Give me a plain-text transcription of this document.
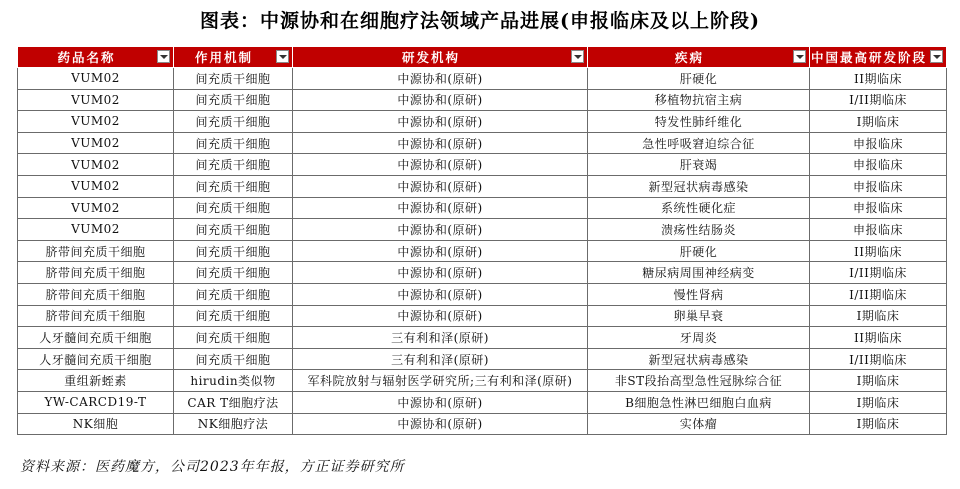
图表：中源协和在细胞疗法领域产品进展(申报临床及以上阶段)
药品名称	作用机制	研发机构	疾病	中国最高研发阶段

VUM02	间充质干细胞	中源协和(原研)	肝硬化	II期临床
VUM02	间充质干细胞	中源协和(原研)	移植物抗宿主病	I/II期临床
VUM02	间充质干细胞	中源协和(原研)	特发性肺纤维化	I期临床
VUM02	间充质干细胞	中源协和(原研)	急性呼吸窘迫综合征	申报临床
VUM02	间充质干细胞	中源协和(原研)	肝衰竭	申报临床
VUM02	间充质干细胞	中源协和(原研)	新型冠状病毒感染	申报临床
VUM02	间充质干细胞	中源协和(原研)	系统性硬化症	申报临床
VUM02	间充质干细胞	中源协和(原研)	溃疡性结肠炎	申报临床
脐带间充质干细胞	间充质干细胞	中源协和(原研)	肝硬化	II期临床
脐带间充质干细胞	间充质干细胞	中源协和(原研)	糖尿病周围神经病变	I/II期临床
脐带间充质干细胞	间充质干细胞	中源协和(原研)	慢性肾病	I/II期临床
脐带间充质干细胞	间充质干细胞	中源协和(原研)	卵巢早衰	I期临床
人牙髓间充质干细胞	间充质干细胞	三有利和泽(原研)	牙周炎	II期临床
人牙髓间充质干细胞	间充质干细胞	三有利和泽(原研)	新型冠状病毒感染	I/II期临床
重组新蛭素	hirudin类似物	军科院放射与辐射医学研究所;三有利和泽(原研)	非ST段抬高型急性冠脉综合征	I期临床
YW-CARCD19-T	CAR T细胞疗法	中源协和(原研)	B细胞急性淋巴细胞白血病	I期临床
NK细胞	NK细胞疗法	中源协和(原研)	实体瘤	I期临床
资料来源：医药魔方，公司2023年年报，方正证券研究所
